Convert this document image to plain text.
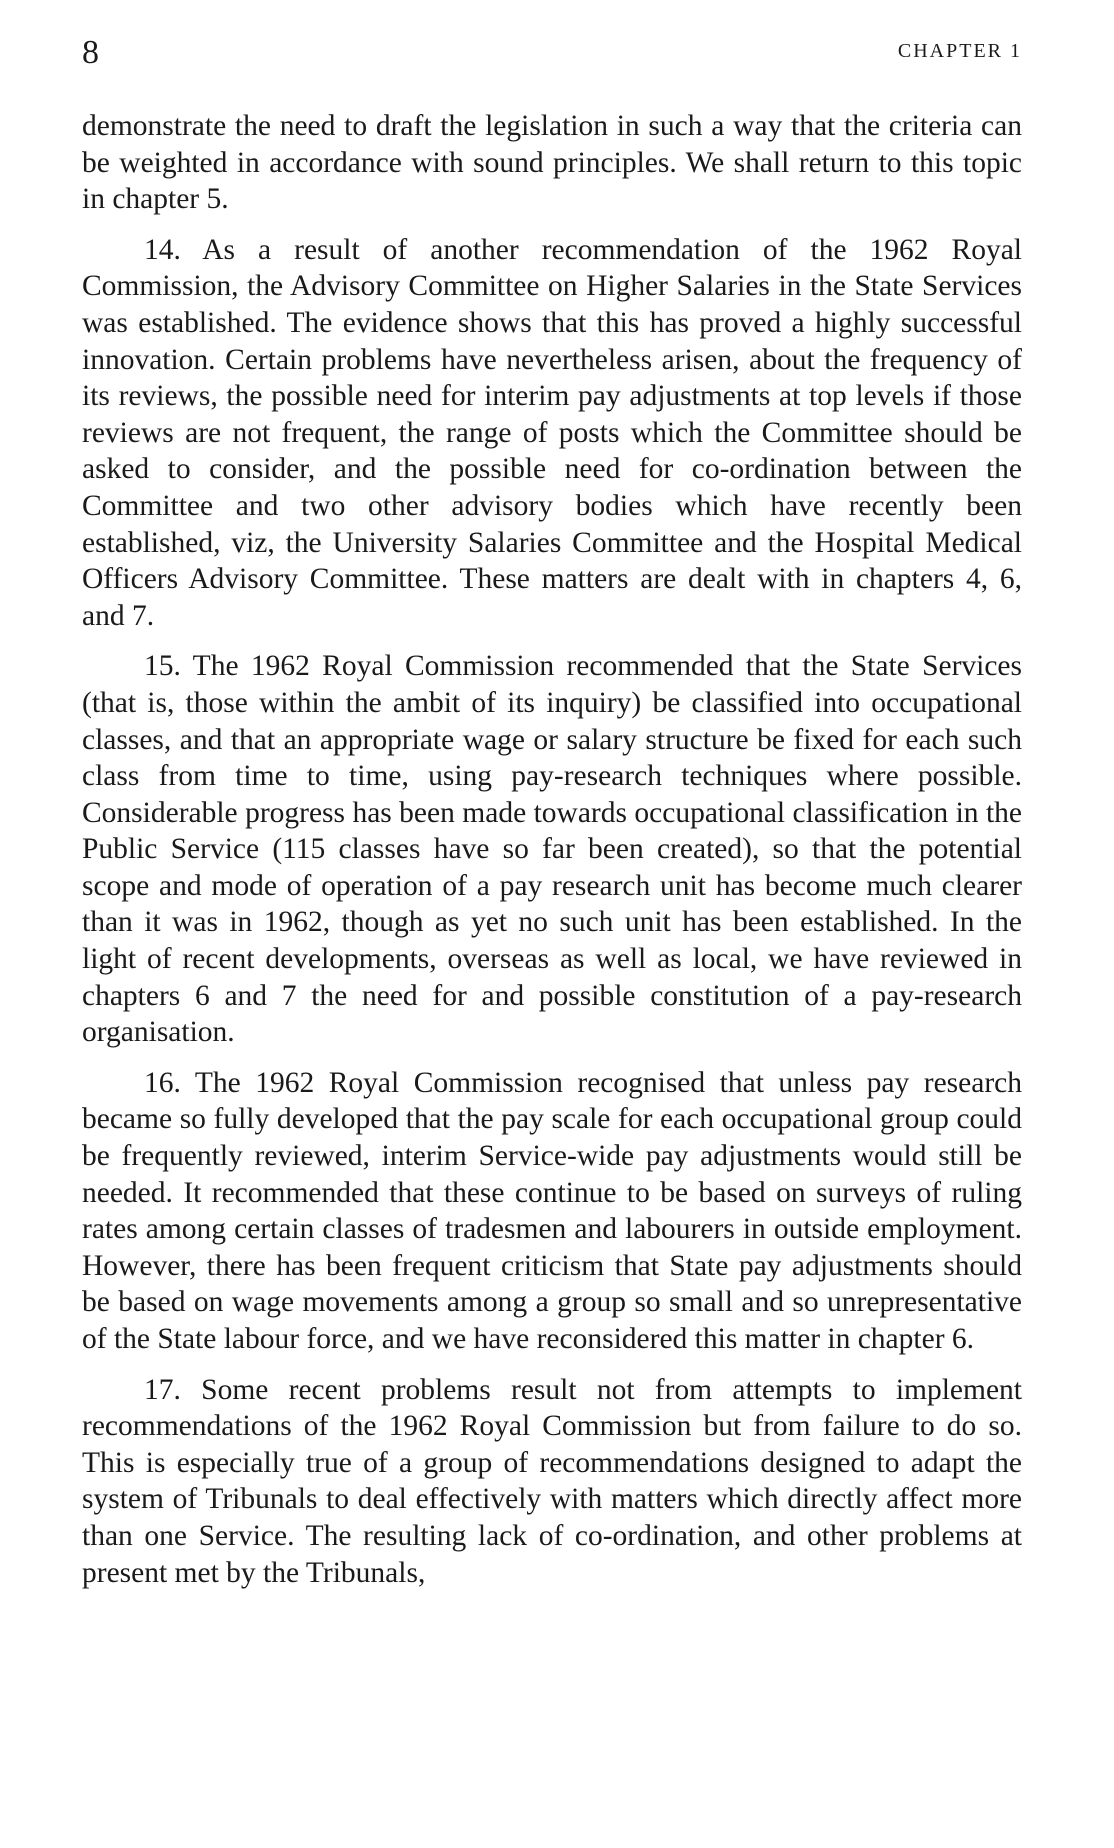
8	CHAPTER 1

demonstrate the need to draft the legislation in such a way that the criteria can be weighted in accordance with sound principles. We shall return to this topic in chapter 5.

14. As a result of another recommendation of the 1962 Royal Commission, the Advisory Committee on Higher Salaries in the State Services was established. The evidence shows that this has proved a highly successful innovation. Certain problems have nevertheless arisen, about the frequency of its reviews, the possible need for interim pay adjustments at top levels if those reviews are not frequent, the range of posts which the Committee should be asked to consider, and the possible need for co-ordination between the Committee and two other advisory bodies which have recently been established, viz, the University Salaries Committee and the Hospital Medical Officers Advisory Committee. These matters are dealt with in chapters 4, 6, and 7.

15. The 1962 Royal Commission recommended that the State Services (that is, those within the ambit of its inquiry) be classified into occupational classes, and that an appropriate wage or salary structure be fixed for each such class from time to time, using pay-research techniques where possible. Considerable progress has been made towards occupational classification in the Public Service (115 classes have so far been created), so that the potential scope and mode of operation of a pay research unit has become much clearer than it was in 1962, though as yet no such unit has been established. In the light of recent developments, overseas as well as local, we have reviewed in chapters 6 and 7 the need for and possible constitution of a pay-research organisation.

16. The 1962 Royal Commission recognised that unless pay research became so fully developed that the pay scale for each occupational group could be frequently reviewed, interim Service-wide pay adjustments would still be needed. It recommended that these continue to be based on surveys of ruling rates among certain classes of tradesmen and labourers in outside employment. However, there has been frequent criticism that State pay adjustments should be based on wage movements among a group so small and so unrepresentative of the State labour force, and we have reconsidered this matter in chapter 6.

17. Some recent problems result not from attempts to implement recommendations of the 1962 Royal Commission but from failure to do so. This is especially true of a group of recommendations designed to adapt the system of Tribunals to deal effectively with matters which directly affect more than one Service. The resulting lack of co-ordination, and other problems at present met by the Tribunals,
